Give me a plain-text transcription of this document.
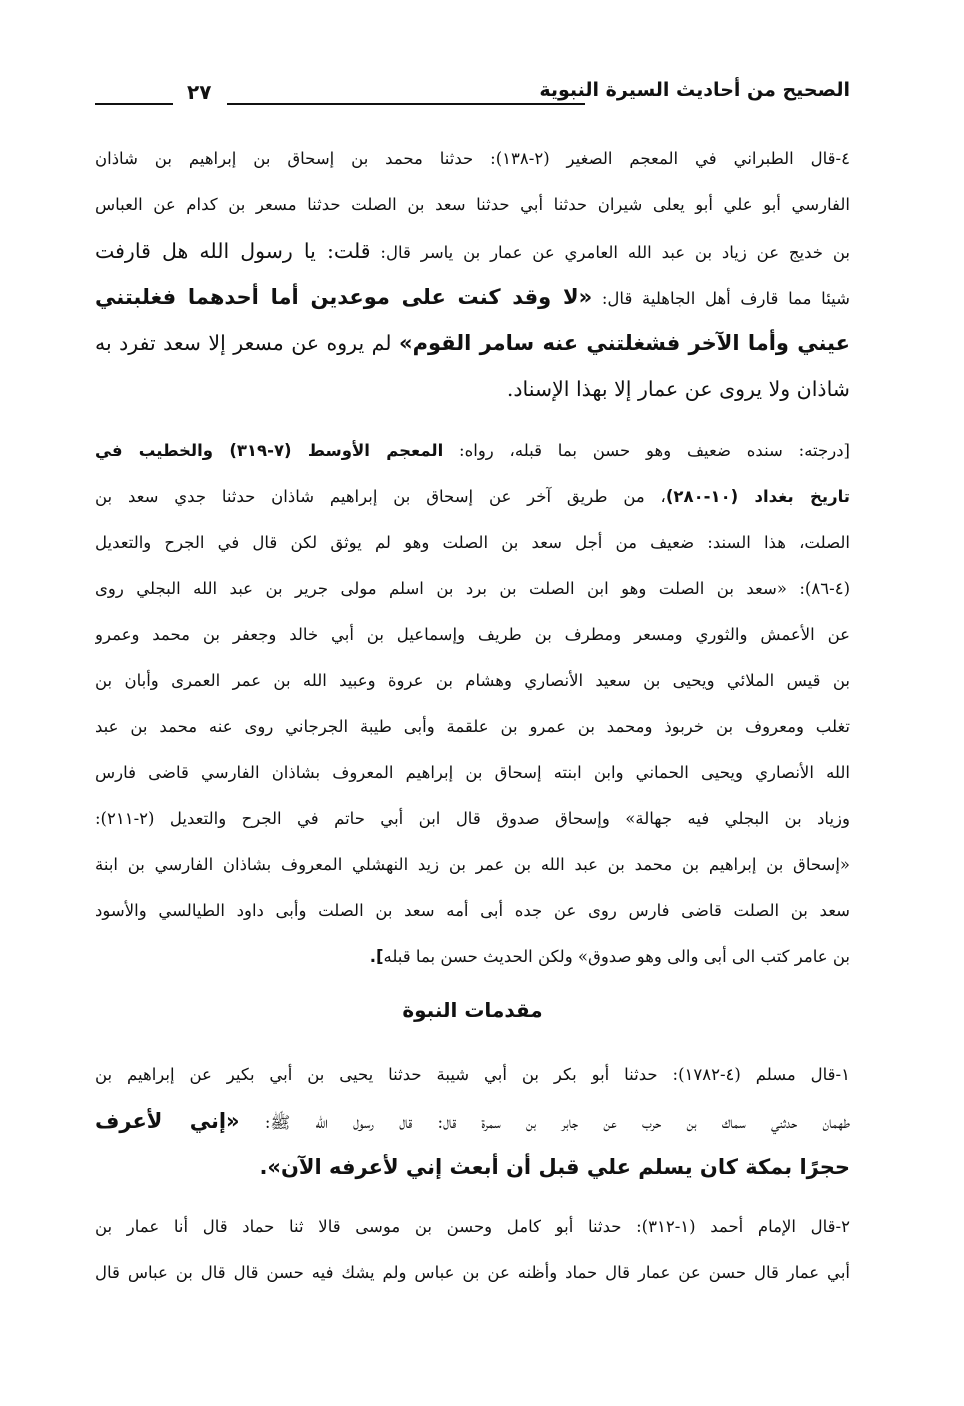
الصحيح من أحاديث السيرة النبوية
٢٧
٤-قال الطبراني في المعجم الصغير (٢-١٣٨): حدثنا محمد بن إسحاق بن إبراهيم بن شاذان
الفارسي أبو علي أبو يعلى شيران حدثنا أبي حدثنا سعد بن الصلت حدثنا مسعر بن كدام عن العباس
بن خديج عن زياد بن عبد الله العامري عن عمار بن ياسر قال: قلت: يا رسول الله هل قارفت
شيئا مما قارف أهل الجاهلية قال: «لا وقد كنت على موعدين أما أحدهما فغلبتني
عيني وأما الآخر فشغلتني عنه سامر القوم» لم يروه عن مسعر إلا سعد تفرد به
شاذان ولا يروى عن عمار إلا بهذا الإسناد.
[درجته: سنده ضعيف وهو حسن بما قبله، رواه: المعجم الأوسط (٧-٣١٩) والخطيب في
تاريخ بغداد (١٠-٢٨٠)، من طريق آخر عن إسحاق بن إبراهيم شاذان حدثنا جدي سعد بن
الصلت، هذا السند: ضعيف من أجل سعد بن الصلت وهو لم يوثق لكن قال في الجرح والتعديل
(٤-٨٦): «سعد بن الصلت وهو ابن الصلت بن برد بن اسلم مولى جرير بن عبد الله البجلي روى
عن الأعمش والثوري ومسعر ومطرف بن طريف وإسماعيل بن أبي خالد وجعفر بن محمد وعمرو
بن قيس الملائي ويحيى بن سعيد الأنصاري وهشام بن عروة وعبيد الله بن عمر العمرى وأبان بن
تغلب ومعروف بن خربوذ ومحمد بن عمرو بن علقمة وأبى طيبة الجرجاني روى عنه محمد بن عبد
الله الأنصاري ويحيى الحماني وابن ابنته إسحاق بن إبراهيم المعروف بشاذان الفارسي قاضى فارس
وزياد بن البجلي فيه جهالة» وإسحاق صدوق قال ابن أبي حاتم في الجرح والتعديل (٢-٢١١):
«إسحاق بن إبراهيم بن محمد بن عبد الله بن عمر بن زيد النهشلي المعروف بشاذان الفارسي بن ابنة
سعد بن الصلت قاضى فارس روى عن جده أبى أمه سعد بن الصلت وأبى داود الطيالسي والأسود
بن عامر كتب الى أبى والى وهو صدوق» ولكن الحديث حسن بما قبله].
مقدمات النبوة
١-قال مسلم (٤-١٧٨٢): حدثنا أبو بكر بن أبي شيبة حدثنا يحيى بن أبي بكير عن إبراهيم بن
طهمان حدثني سماك بن حرب عن جابر بن سمرة قال: قال رسول الله ﷺ: «إني لأعرف
حجرًا بمكة كان يسلم علي قبل أن أبعث إني لأعرفه الآن».
٢-قال الإمام أحمد (١-٣١٢): حدثنا أبو كامل وحسن بن موسى قالا ثنا حماد قال أنا عمار بن
أبي عمار قال حسن عن عمار قال حماد وأظنه عن بن عباس ولم يشك فيه حسن قال قال بن عباس قال
